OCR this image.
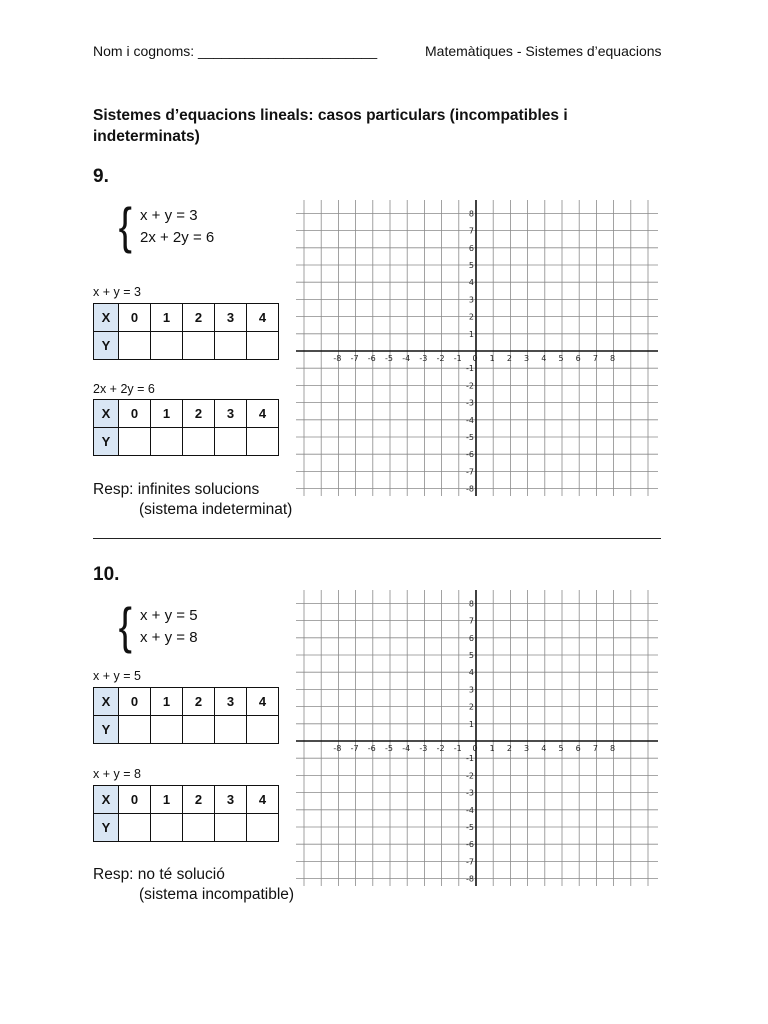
Nom i cognoms: _______________________	Matemàtiques - Sistemes d’equacions
Sistemes d’equacions lineals: casos particulars (incompatibles i indeterminats)
9.
{ x + y = 3
2x + 2y = 6
x + y = 3
X	0	1	2	3	4
Y					
2x + 2y = 6
X	0	1	2	3	4
Y					
Resp: infinites solucions
(sistema indeterminat)
-8 -7 -6 -5 -4 -3 -2 -1 0 1 2 3 4 5 6 7 8
8
7
6
5
4
3
2
1
-1
-2
-3
-4
-5
-6
-7
-8
10.
{ x + y = 5
x + y = 8
x + y = 5
X	0	1	2	3	4
Y					
x + y = 8
X	0	1	2	3	4
Y					
Resp: no té solució
(sistema incompatible)
-8 -7 -6 -5 -4 -3 -2 -1 0 1 2 3 4 5 6 7 8
8
7
6
5
4
3
2
1
-1
-2
-3
-4
-5
-6
-7
-8
